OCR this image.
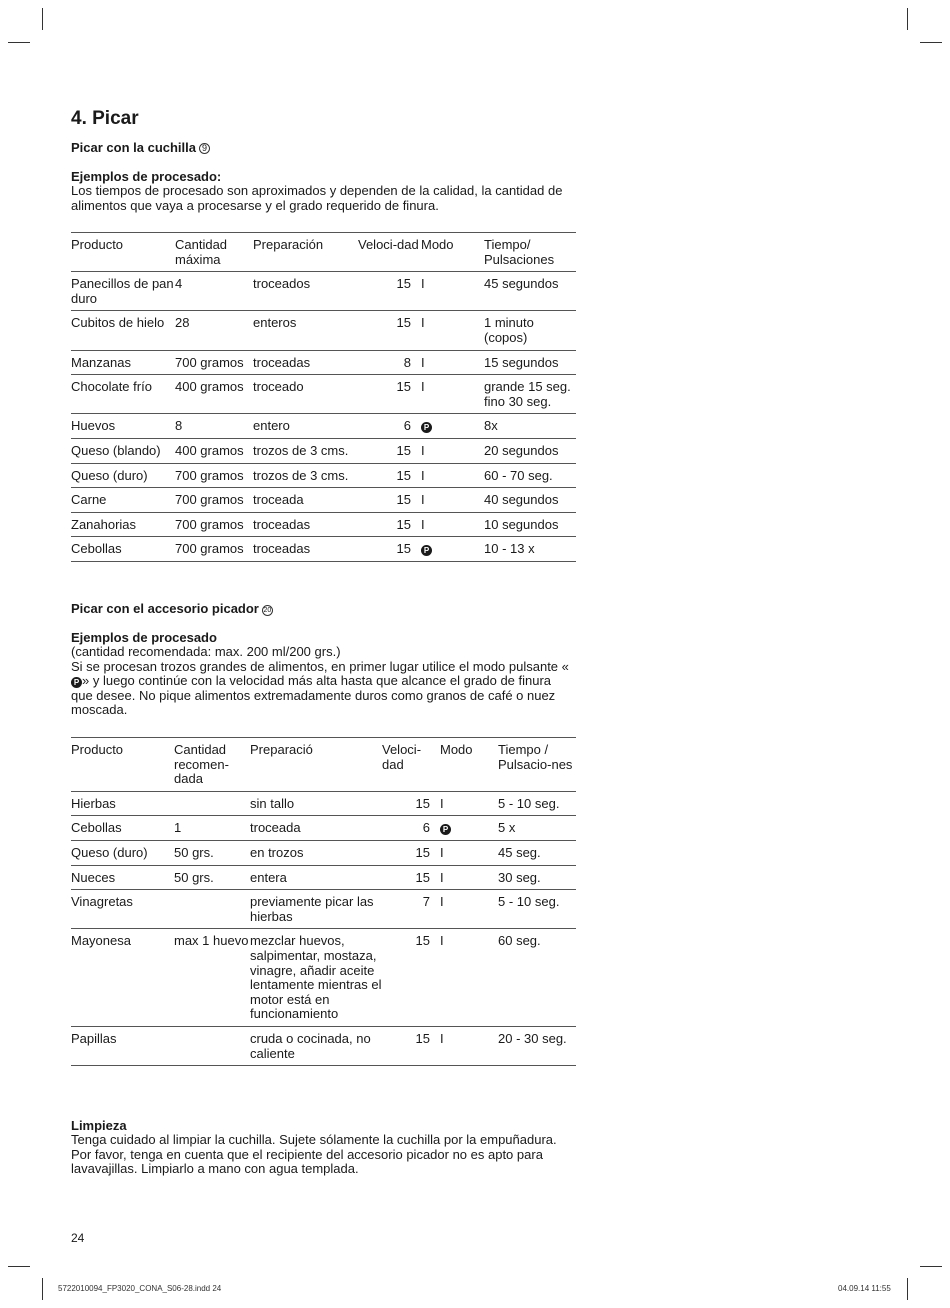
4. Picar
Picar con la cuchilla 9
Ejemplos de procesado:
Los tiempos de procesado son aproximados y dependen de la calidad, la cantidad de alimentos que vaya a procesarse y el grado requerido de finura.
Producto	Cantidad máxima	Preparación	Veloci-dad	Modo	Tiempo/ Pulsaciones
Panecillos de pan duro	4	troceados	15	I	45 segundos
Cubitos de hielo	28	enteros	15	I	1 minuto (copos)
Manzanas	700 gramos	troceadas	8	I	15 segundos
Chocolate frío	400 gramos	troceado	15	I	grande 15 seg. fino 30 seg.
Huevos	8	entero	6	P	8x
Queso (blando)	400 gramos	trozos de 3 cms.	15	I	20 segundos
Queso (duro)	700 gramos	trozos de 3 cms.	15	I	60 - 70 seg.
Carne	700 gramos	troceada	15	I	40 segundos
Zanahorias	700 gramos	troceadas	15	I	10 segundos
Cebollas	700 gramos	troceadas	15	P	10 - 13 x
Picar con el accesorio picador 20
Ejemplos de procesado
(cantidad recomendada: max. 200 ml/200 grs.)
Si se procesan trozos grandes de alimentos, en primer lugar utilice el modo pulsante «P » y luego continúe con la velocidad más alta hasta que alcance el grado de finura que desee. No pique alimentos extremadamente duros como granos de café o nuez moscada.
Producto	Cantidad recomen-dada	Preparació	Veloci-dad	Modo	Tiempo / Pulsacio-nes
Hierbas		sin tallo	15	I	5 - 10 seg.
Cebollas	1	troceada	6	P	5 x
Queso (duro)	50 grs.	en trozos	15	I	45 seg.
Nueces	50 grs.	entera	15	I	30 seg.
Vinagretas		previamente picar las hierbas	7	I	5 - 10 seg.
Mayonesa	max 1 huevo	mezclar huevos, salpimentar, mostaza, vinagre, añadir aceite lentamente mientras el motor está en funcionamiento	15	I	60 seg.
Papillas		cruda o cocinada, no caliente	15	I	20 - 30 seg.
Limpieza
Tenga cuidado al limpiar la cuchilla. Sujete sólamente la cuchilla por la empuñadura. Por favor, tenga en cuenta que el recipiente del accesorio picador no es apto para lavavajillas. Limpiarlo a mano con agua templada.
24
5722010094_FP3020_CONA_S06-28.indd 24	04.09.14 11:55
